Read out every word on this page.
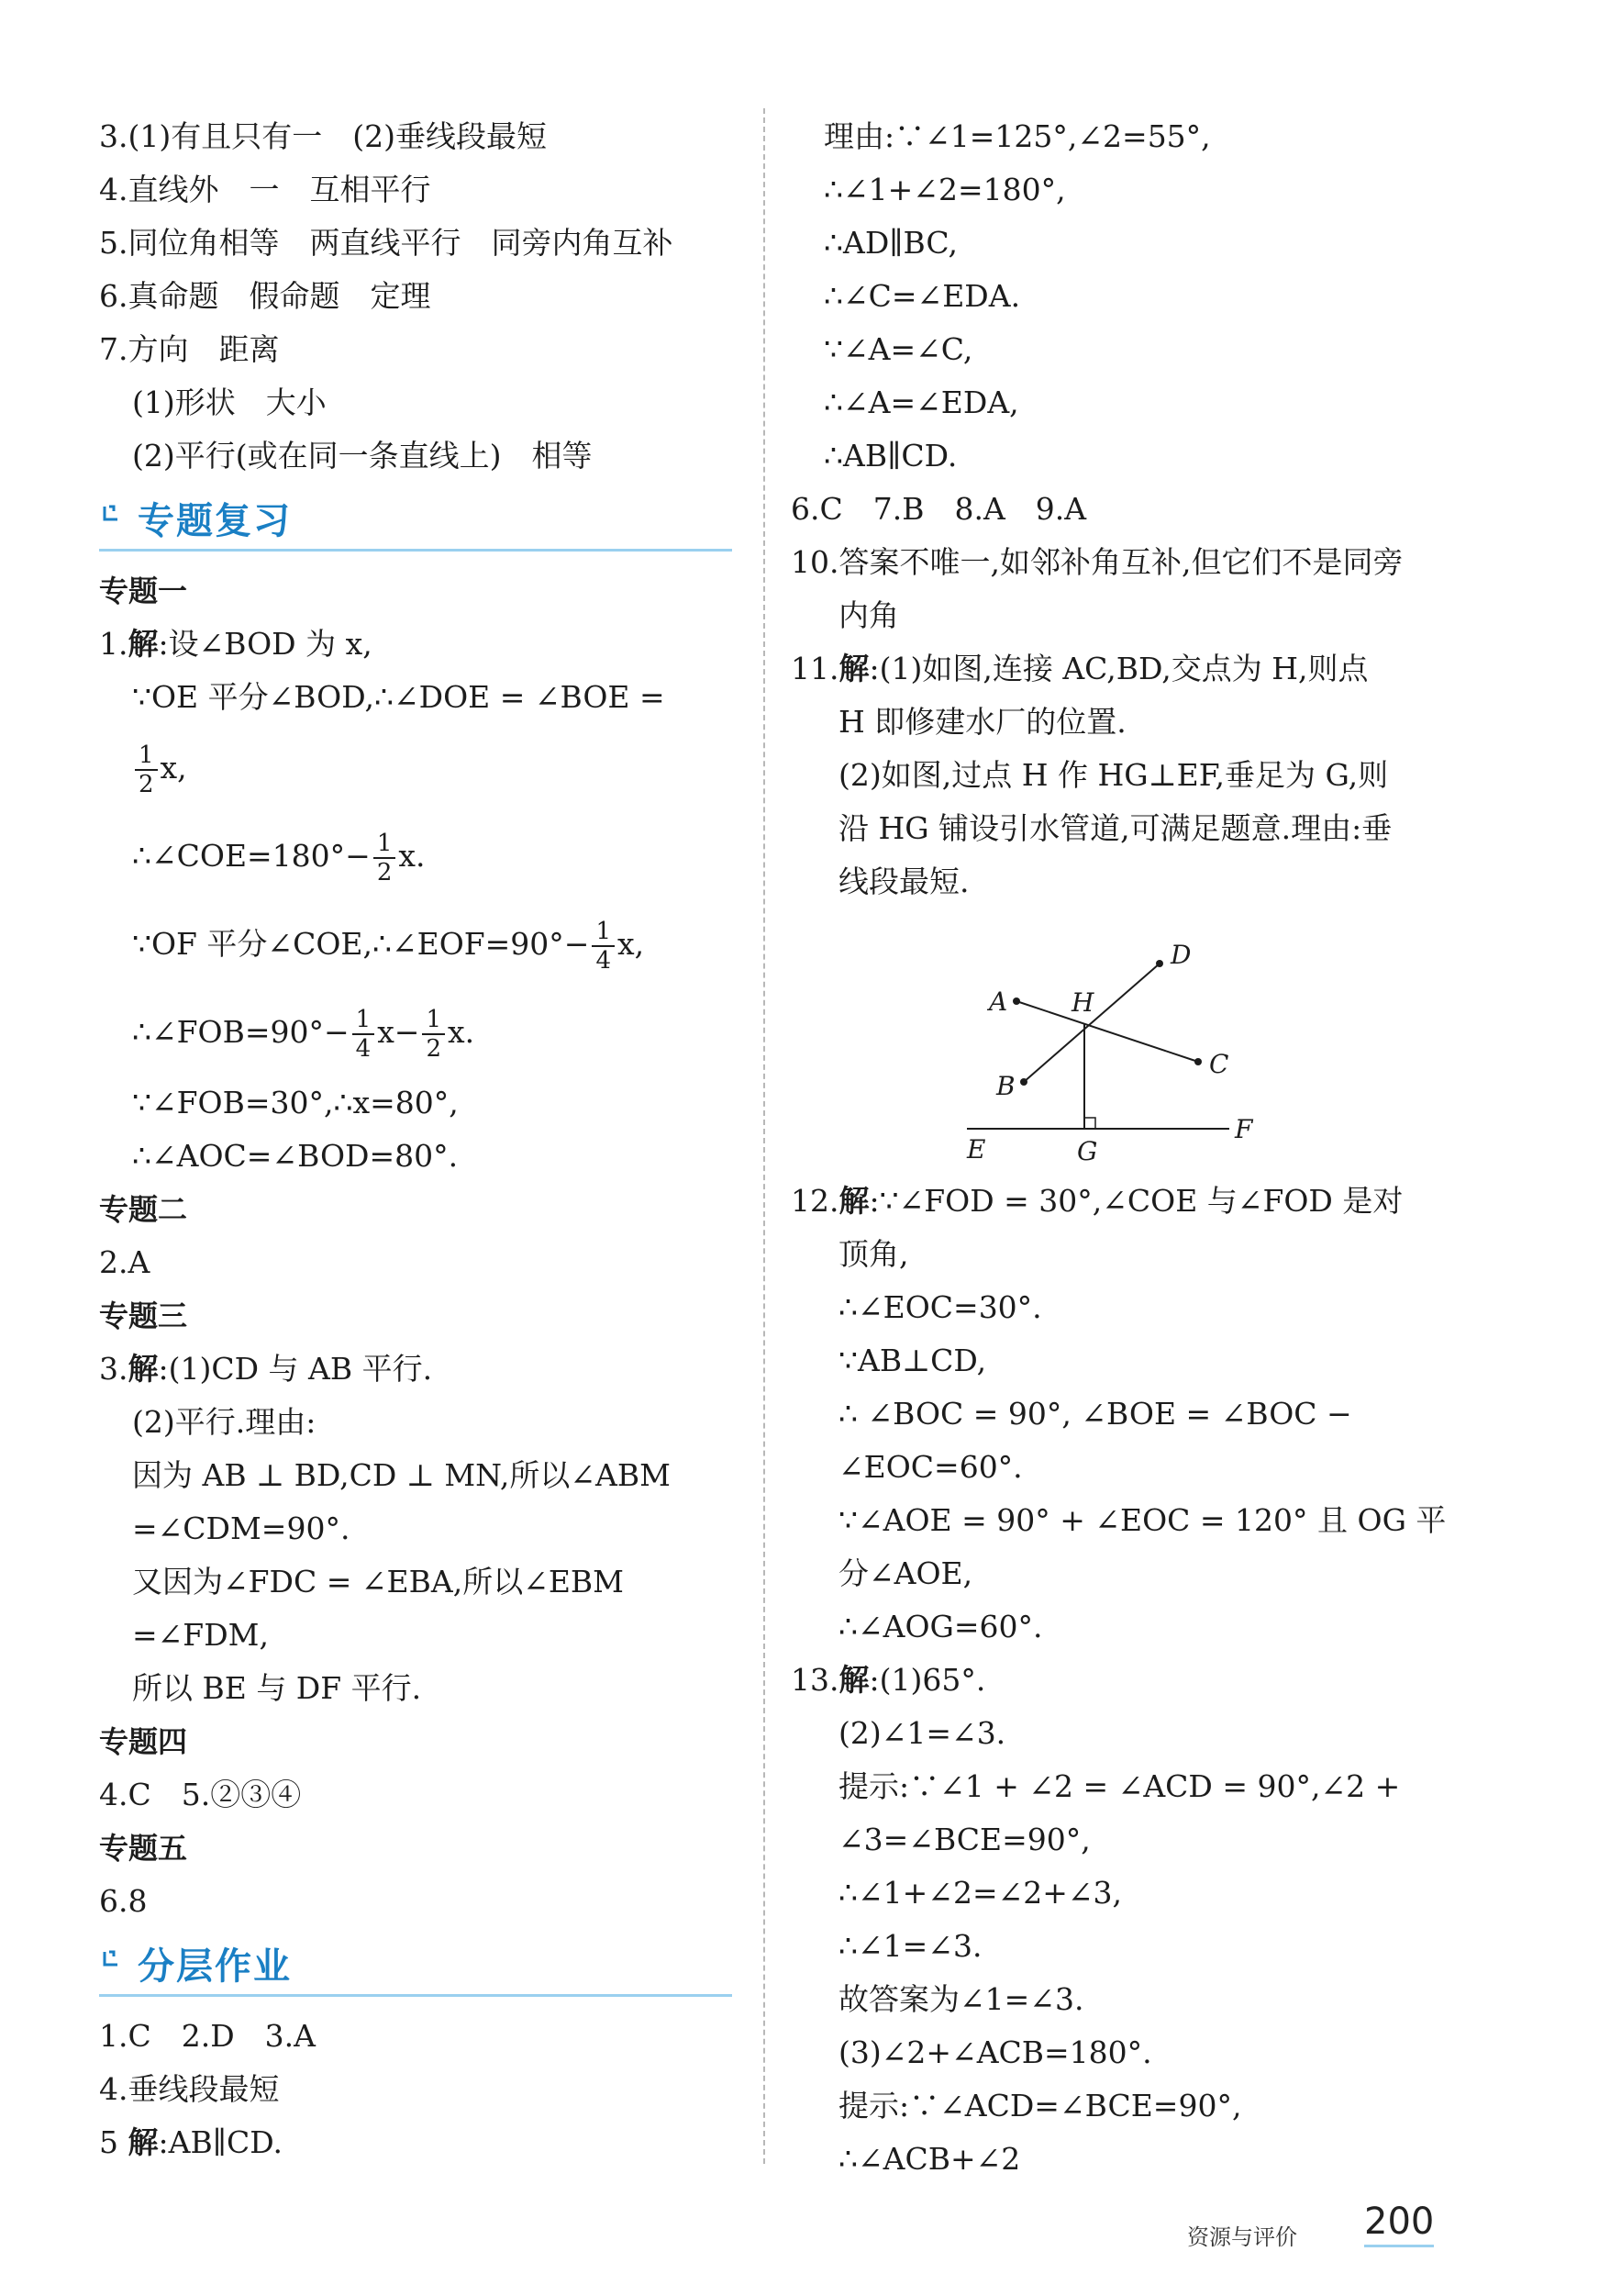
3.(1)有且只有一　(2)垂线段最短
4.直线外　一　互相平行
5.同位角相等　两直线平行　同旁内角互补
6.真命题　假命题　定理
7.方向　距离
(1)形状　大小
(2)平行(或在同一条直线上)　相等
专题复习
专题一
1.解:设∠BOD 为 x,
∵OE 平分∠BOD,∴∠DOE = ∠BOE =
$\frac{1}{2} x$,
∴∠COE=180°− $\frac{1}{2} x$.
∵OF 平分∠COE,∴∠EOF=90°− $\frac{1}{4} x$,
∴∠FOB=90°− $\frac{1}{4} x- \frac{1}{2} x$.
∵∠FOB=30°,∴x=80°,
∴∠AOC=∠BOD=80°.
专题二
2.A
专题三
3.解:(1)CD 与 AB 平行.
(2)平行.理由:
因为 AB ⊥ BD,CD ⊥ MN,所以∠ABM
=∠CDM=90°.
又因为∠FDC = ∠EBA,所以∠EBM
=∠FDM,
所以 BE 与 DF 平行.
专题四
4.C　5.②③④
专题五
6.8
分层作业
1.C　2.D　3.A
4.垂线段最短
5 解:AB∥CD.
理由:∵∠1=125°,∠2=55°,
∴∠1+∠2=180°,
∴AD∥BC,
∴∠C=∠EDA.
∵∠A=∠C,
∴∠A=∠EDA,
∴AB∥CD.
6.C　7.B　8.A　9.A
10.答案不唯一,如邻补角互补,但它们不是同旁
内角
11.解:(1)如图,连接 AC,BD,交点为 H,则点
H 即修建水厂的位置.
(2)如图,过点 H 作 HG⊥EF,垂足为 G,则
沿 HG 铺设引水管道,可满足题意.理由:垂
线段最短.
A
B
C
D
E
F
G
H
12.解:∵∠FOD = 30°,∠COE 与∠FOD 是对
顶角,
∴∠EOC=30°.
∵AB⊥CD,
∴ ∠BOC = 90°, ∠BOE = ∠BOC −
∠EOC=60°.
∵∠AOE = 90° + ∠EOC = 120° 且 OG 平
分∠AOE,
∴∠AOG=60°.
13.解:(1)65°.
(2)∠1=∠3.
提示:∵∠1 + ∠2 = ∠ACD = 90°,∠2 +
∠3=∠BCE=90°,
∴∠1+∠2=∠2+∠3,
∴∠1=∠3.
故答案为∠1=∠3.
(3)∠2+∠ACB=180°.
提示:∵∠ACD=∠BCE=90°,
∴∠ACB+∠2
资源与评价 200
